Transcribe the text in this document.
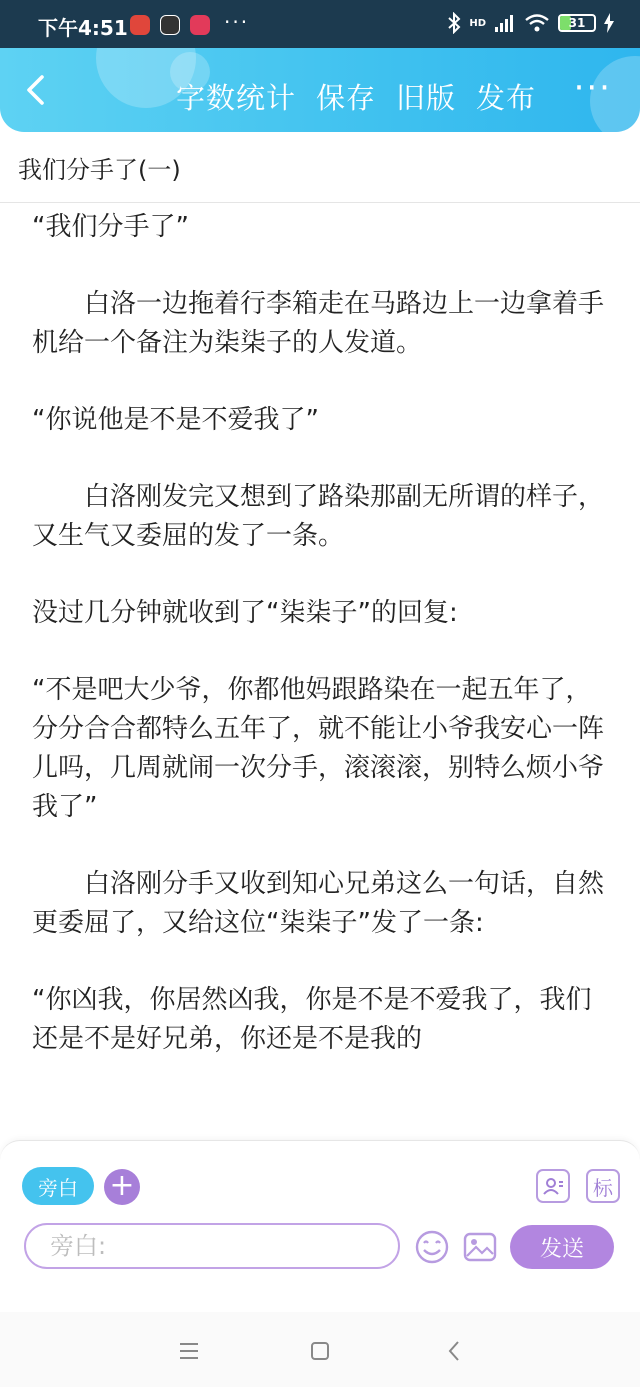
下午4:51	···	HD	31
字数统计 保存 旧版 发布 ···
我们分手了(一)

“我们分手了”

白洛一边拖着行李箱走在马路边上一边拿着手机给一个备注为柒柒子的人发道。

“你说他是不是不爱我了”

白洛刚发完又想到了路染那副无所谓的样子，又生气又委屈的发了一条。

没过几分钟就收到了“柒柒子”的回复:

“不是吧大少爷，你都他妈跟路染在一起五年了，分分合合都特么五年了，就不能让小爷我安心一阵儿吗，几周就闹一次分手，滚滚滚，别特么烦小爷我了”

白洛刚分手又收到知心兄弟这么一句话，自然更委屈了，又给这位“柒柒子”发了一条:

“你凶我，你居然凶我，你是不是不爱我了，我们还是不是好兄弟，你还是不是我的

旁白	+	标
旁白:
发送
